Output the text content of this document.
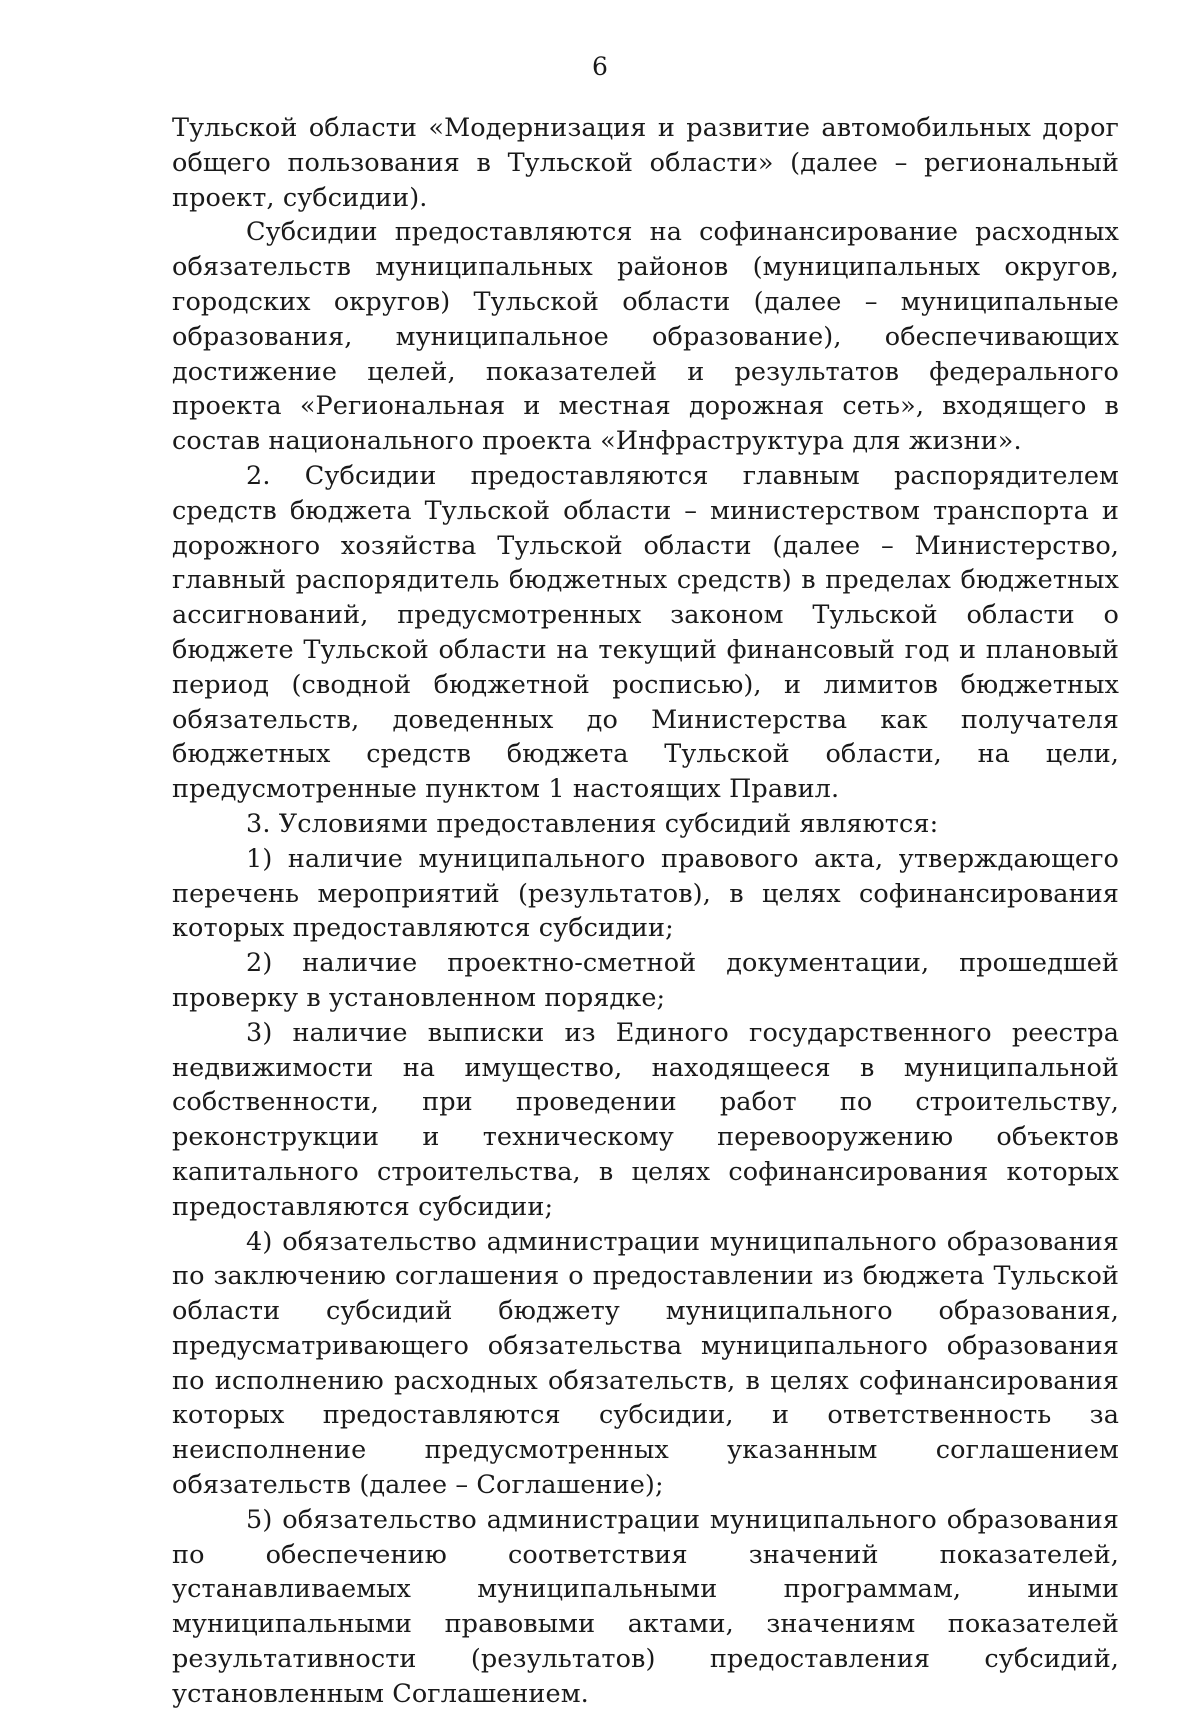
6

Тульской области «Модернизация и развитие автомобильных дорог общего пользования в Тульской области» (далее – региональный проект, субсидии).

Субсидии предоставляются на софинансирование расходных обязательств муниципальных районов (муниципальных округов, городских округов) Тульской области (далее – муниципальные образования, муниципальное образование), обеспечивающих достижение целей, показателей и результатов федерального проекта «Региональная и местная дорожная сеть», входящего в состав национального проекта «Инфраструктура для жизни».

2. Субсидии предоставляются главным распорядителем средств бюджета Тульской области – министерством транспорта и дорожного хозяйства Тульской области (далее – Министерство, главный распорядитель бюджетных средств) в пределах бюджетных ассигнований, предусмотренных законом Тульской области о бюджете Тульской области на текущий финансовый год и плановый период (сводной бюджетной росписью), и лимитов бюджетных обязательств, доведенных до Министерства как получателя бюджетных средств бюджета Тульской области, на цели, предусмотренные пунктом 1 настоящих Правил.

3. Условиями предоставления субсидий являются:

1) наличие муниципального правового акта, утверждающего перечень мероприятий (результатов), в целях софинансирования которых предоставляются субсидии;

2) наличие проектно-сметной документации, прошедшей проверку в установленном порядке;

3) наличие выписки из Единого государственного реестра недвижимости на имущество, находящееся в муниципальной собственности, при проведении работ по строительству, реконструкции и техническому перевооружению объектов капитального строительства, в целях софинансирования которых предоставляются субсидии;

4) обязательство администрации муниципального образования по заключению соглашения о предоставлении из бюджета Тульской области субсидий бюджету муниципального образования, предусматривающего обязательства муниципального образования по исполнению расходных обязательств, в целях софинансирования которых предоставляются субсидии, и ответственность за неисполнение предусмотренных указанным соглашением обязательств (далее – Соглашение);

5) обязательство администрации муниципального образования по обеспечению соответствия значений показателей, устанавливаемых муниципальными программам, иными муниципальными правовыми актами, значениям показателей результативности (результатов) предоставления субсидий, установленным Соглашением.
